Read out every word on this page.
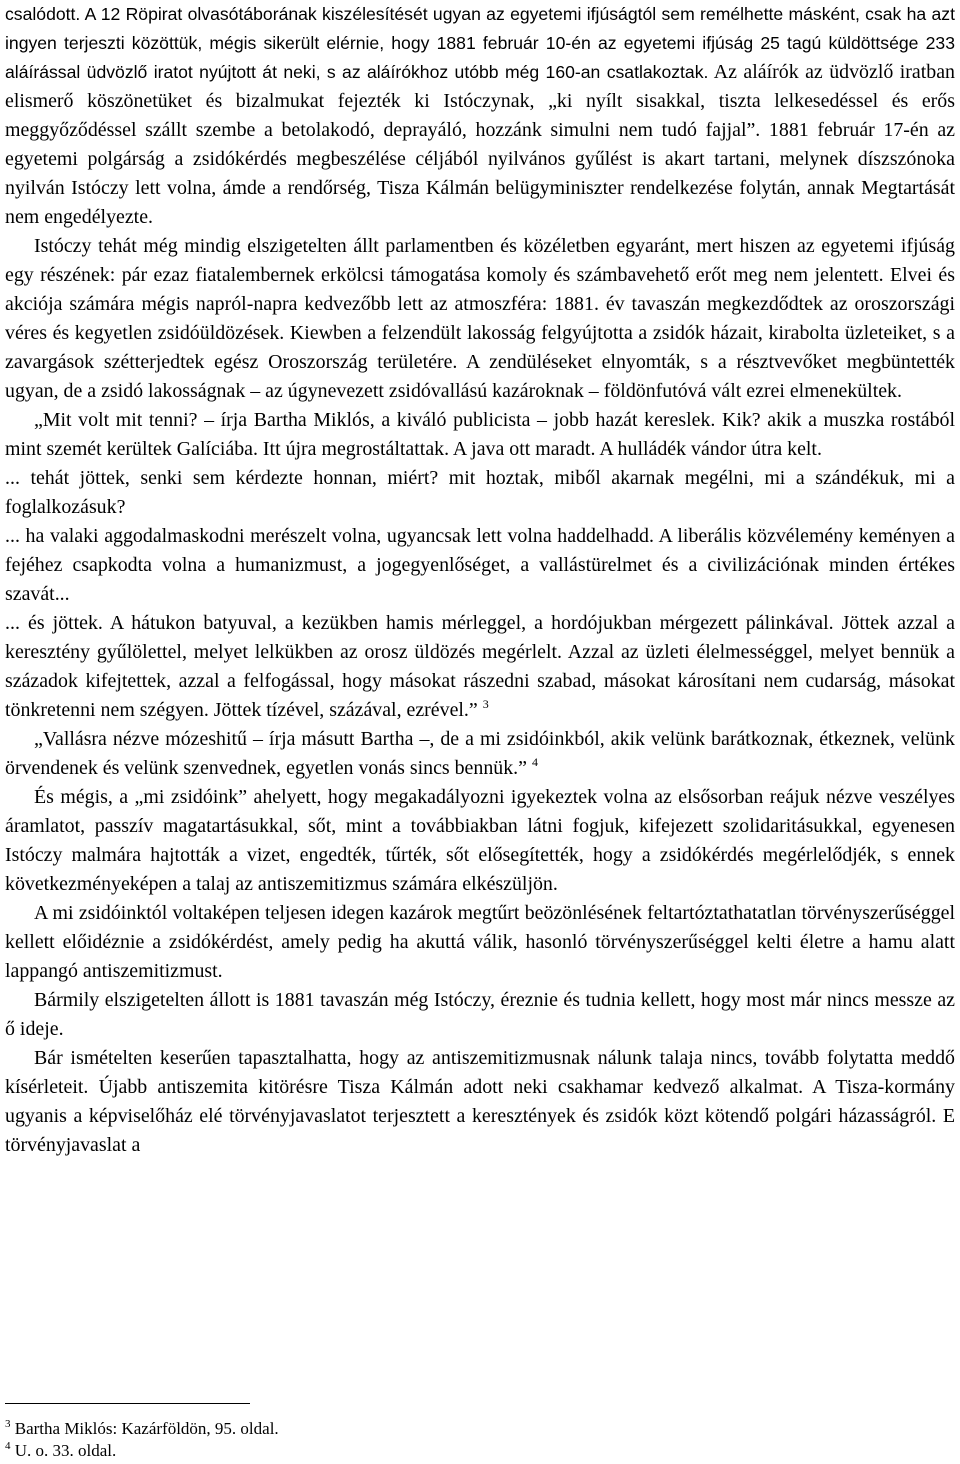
csalódott. A 12 Röpirat olvasótáborának kiszélesítését ugyan az egyetemi ifjúságtól sem remélhette másként, csak ha azt ingyen terjeszti közöttük, mégis sikerült elérnie, hogy 1881 február 10-én az egyetemi ifjúság 25 tagú küldöttsége 233 aláírással üdvözlő iratot nyújtott át neki, s az aláírókhoz utóbb még 160-an csatlakoztak. Az aláírók az üdvözlő iratban elismerő köszönetüket és bizalmukat fejezték ki Istóczynak, „ki nyílt sisakkal, tiszta lelkesedéssel és erős meggyőződéssel szállt szembe a betolakodó, deprayáló, hozzánk simulni nem tudó fajjal”. 1881 február 17-én az egyetemi polgárság a zsidókérdés megbeszélése céljából nyilvános gyűlést is akart tartani, melynek díszszónoka nyilván Istóczy lett volna, ámde a rendőrség, Tisza Kálmán belügyminiszter rendelkezése folytán, annak Megtartását nem engedélyezte.

Istóczy tehát még mindig elszigetelten állt parlamentben és közéletben egyaránt, mert hiszen az egyetemi ifjúság egy részének: pár ezaz fiatalembernek erkölcsi támogatása komoly és számbavehető erőt meg nem jelentett. Elvei és akciója számára mégis napról-napra kedvezőbb lett az atmoszféra: 1881. év tavaszán megkezdődtek az oroszországi véres és kegyetlen zsidóüldözések. Kiewben a felzendült lakosság felgyújtotta a zsidók házait, kirabolta üzleteiket, s a zavargások szétterjedtek egész Oroszország területére. A zendüléseket elnyomták, s a résztvevőket megbüntették ugyan, de a zsidó lakosságnak – az úgynevezett zsidóvallású kazároknak – földönfutóvá vált ezrei elmenekültek.

„Mit volt mit tenni? – írja Bartha Miklós, a kiváló publicista – jobb hazát kereslek. Kik? akik a muszka rostából mint szemét kerültek Galíciába. Itt újra megrostáltattak. A java ott maradt. A hulládék vándor útra kelt.

... tehát jöttek, senki sem kérdezte honnan, miért? mit hoztak, miből akarnak megélni, mi a szándékuk, mi a foglalkozásuk?

... ha valaki aggodalmaskodni merészelt volna, ugyancsak lett volna haddelhadd. A liberális közvélemény keményen a fejéhez csapkodta volna a humanizmust, a jogegyenlőséget, a vallástürelmet és a civilizációnak minden értékes szavát...

... és jöttek. A hátukon batyuval, a kezükben hamis mérleggel, a hordójukban mérgezett pálinkával. Jöttek azzal a keresztény gyűlölettel, melyet lelkükben az orosz üldözés megérlelt. Azzal az üzleti élelmességgel, melyet bennük a századok kifejtettek, azzal a felfogással, hogy másokat rászedni szabad, másokat károsítani nem cudarság, másokat tönkretenni nem szégyen. Jöttek tízével, százával, ezrével.” $^3$

„Vallásra nézve mózeshitű – írja másutt Bartha –, de a mi zsidóinkból, akik velünk barátkoznak, étkeznek, velünk örvendenek és velünk szenvednek, egyetlen vonás sincs bennük.” $^4$

És mégis, a „mi zsidóink” ahelyett, hogy megakadályozni igyekeztek volna az elsősorban reájuk nézve veszélyes áramlatot, passzív magatartásukkal, sőt, mint a továbbiakban látni fogjuk, kifejezett szolidaritásukkal, egyenesen Istóczy malmára hajtották a vizet, engedték, tűrték, sőt elősegítették, hogy a zsidókérdés megérlelődjék, s ennek következményeképen a talaj az antiszemitizmus számára elkészüljön.

A mi zsidóinktól voltaképen teljesen idegen kazárok megtűrt beözönlésének feltartóztathatatlan törvényszerűséggel kellett előidéznie a zsidókérdést, amely pedig ha akuttá válik, hasonló törvényszerűséggel kelti életre a hamu alatt lappangó antiszemitizmust.

Bármily elszigetelten állott is 1881 tavaszán még Istóczy, éreznie és tudnia kellett, hogy most már nincs messze az ő ideje.

Bár ismételten keserűen tapasztalhatta, hogy az antiszemitizmusnak nálunk talaja nincs, tovább folytatta meddő kísérleteit. Újabb antiszemita kitörésre Tisza Kálmán adott neki csakhamar kedvező alkalmat. A Tisza-kormány ugyanis a képviselőház elé törvényjavaslatot terjesztett a keresztények és zsidók közt kötendő polgári házasságról. E törvényjavaslat a

$^3$ Bartha Miklós: Kazárföldön, 95. oldal.

$^4$ U. o. 33. oldal.
